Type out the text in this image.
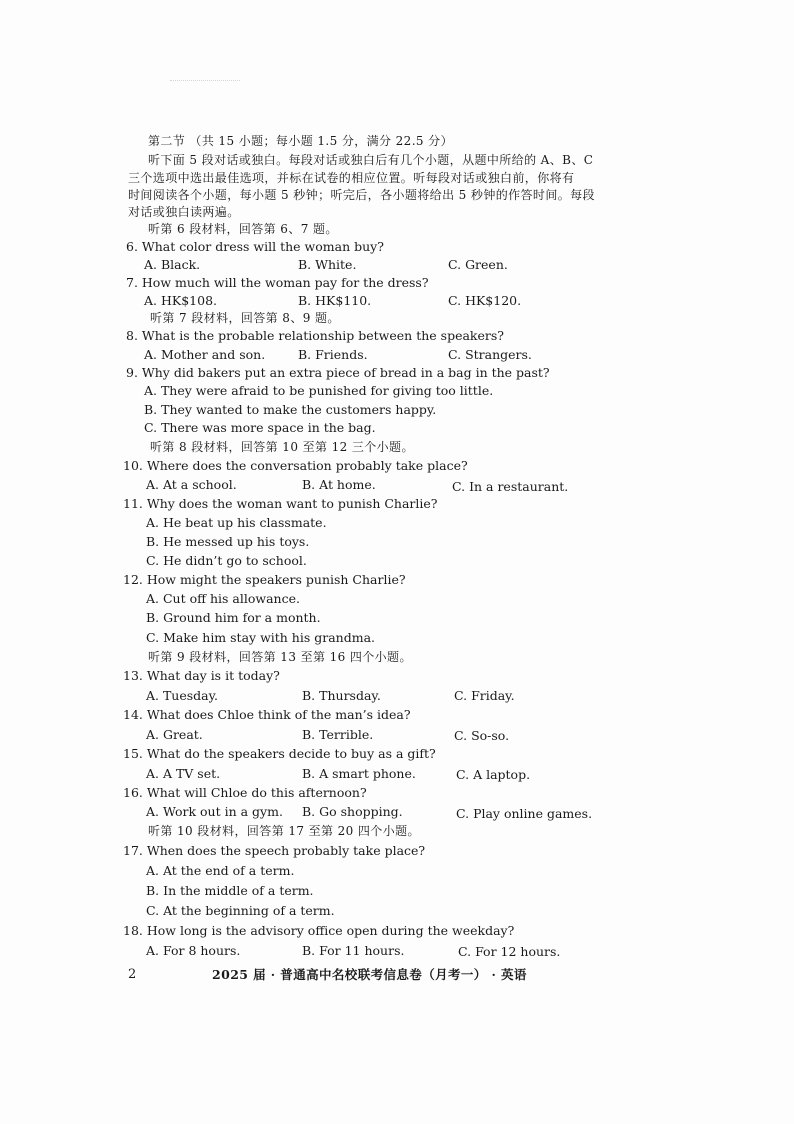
第二节 （共 15 小题；每小题 1.5 分，满分 22.5 分）
听下面 5 段对话或独白。每段对话或独白后有几个小题，从题中所给的 A、B、C
三个选项中选出最佳选项，并标在试卷的相应位置。听每段对话或独白前，你将有
时间阅读各个小题，每小题 5 秒钟；听完后，各小题将给出 5 秒钟的作答时间。每段
对话或独白读两遍。
听第 6 段材料，回答第 6、7 题。
6. What color dress will the woman buy?
A. Black.	B. White.	C. Green.
7. How much will the woman pay for the dress?
A. HK$108.	B. HK$110.	C. HK$120.
听第 7 段材料，回答第 8、9 题。
8. What is the probable relationship between the speakers?
A. Mother and son.	B. Friends.	C. Strangers.
9. Why did bakers put an extra piece of bread in a bag in the past?
A. They were afraid to be punished for giving too little.
B. They wanted to make the customers happy.
C. There was more space in the bag.
听第 8 段材料，回答第 10 至第 12 三个小题。
10. Where does the conversation probably take place?
A. At a school.	B. At home.	C. In a restaurant.
11. Why does the woman want to punish Charlie?
A. He beat up his classmate.
B. He messed up his toys.
C. He didn’t go to school.
12. How might the speakers punish Charlie?
A. Cut off his allowance.
B. Ground him for a month.
C. Make him stay with his grandma.
听第 9 段材料，回答第 13 至第 16 四个小题。
13. What day is it today?
A. Tuesday.	B. Thursday.	C. Friday.
14. What does Chloe think of the man’s idea?
A. Great.	B. Terrible.	C. So-so.
15. What do the speakers decide to buy as a gift?
A. A TV set.	B. A smart phone.	C. A laptop.
16. What will Chloe do this afternoon?
A. Work out in a gym. B. Go shopping.	C. Play online games.
听第 10 段材料，回答第 17 至第 20 四个小题。
17. When does the speech probably take place?
A. At the end of a term.
B. In the middle of a term.
C. At the beginning of a term.
18. How long is the advisory office open during the weekday?
A. For 8 hours.	B. For 11 hours.	C. For 12 hours.
2	2025 届 · 普通高中名校联考信息卷（月考一） · 英语
